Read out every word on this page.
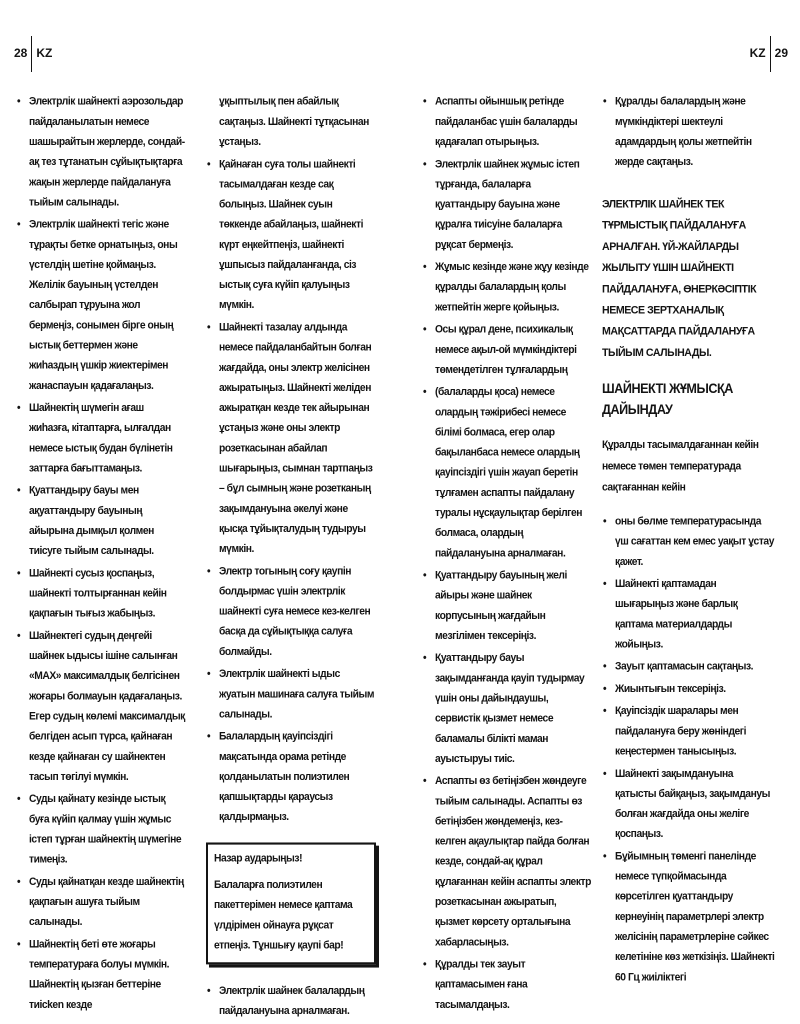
28 KZ	KZ 29
• Электрлік шайнекті аэрозольдар пайдаланылатын немесе шашырайтын жерлерде, сондай-ақ тез тұтанатын сұйықтықтарға жақын жерлерде пайдалануға тыйым салынады.
• Электрлік шайнекті тегіс және тұрақты бетке орнатыңыз, оны үстелдің шетіне қоймаңыз. Желілік бауының үстелден салбырап тұруына жол бермеңіз, сонымен бірге оның ыстық беттермен және жиһаздың үшкір жиектерімен жанаспауын қадағалаңыз.
• Шайнектің шүмегін ағаш жиһазға, кітаптарға, ылғалдан немесе ыстық будан бүлінетін заттарға бағыттамаңыз.
• Қуаттандыру бауы мен ақуаттандыру бауының айырына дымқыл қолмен тиісуге тыйым салынады.
• Шайнекті сусыз қоспаңыз, шайнекті толтырғаннан кейін қақпағын тығыз жабыңыз.
• Шайнектегі судың деңгейі шайнек ыдысы ішіне салынған «МАХ» максималдық белгісінен жоғары болмауын қадағалаңыз. Егер судың көлемі максималдық белгіден асып түрса, қайнаған кезде қайнаған су шайнектен тасып төгілуі мүмкін.
• Суды қайнату кезінде ыстық буға күйіп қалмау үшін жұмыс істеп тұрған шайнектің шүмегіне тимеңіз.
• Суды қайнатқан кезде шайнектің қақпағын ашуға тыйым салынады.
• Шайнектің беті өте жоғары температураға болуы мүмкін. Шайнектің қызған беттеріне тиісken кезде
ұқыптылық пен абайлық сақтаңыз. Шайнекті тұтқасынан ұстаңыз.
• Қайнаған суға толы шайнекті тасымалдаған кезде сақ болыңыз. Шайнек суын төккенде абайлаңыз, шайнекті күрт еңкейтпеңіз, шайнекті ұшпысыз пайдаланғанда, сіз ыстық суға күйіп қалуыңыз мүмкін.
• Шайнекті тазалау алдында немесе пайдаланбайтын болған жағдайда, оны электр желісінен ажыратыңыз. Шайнекті желіден ажыратқан кезде тек айырынан ұстаңыз және оны электр розеткасынан абайлап шығарыңыз, сымнан тартпаңыз – бұл сымның және розетканың зақымдануына әкелуі және қысқа тұйықталудың тудыруы мүмкін.
• Электр тогының соғу қаупін болдырмас үшін электрлік шайнекті суға немесе кез-келген басқа да сұйықтыққа салуға болмайды.
• Электрлік шайнекті ыдыс жуатын машинаға салуға тыйым салынады.
• Балалардың қауіпсіздігі мақсатында орама ретінде қолданылатын полиэтилен қапшықтарды қараусыз қалдырмаңыз.
Назар аударыңыз!
Балаларға полиэтилен пакеттерімен немесе қаптама үлдірімен ойнауға рұқсат етпеңіз. Тұншығу қаупі бар!
• Электрлік шайнек балалардың пайдалануына арналмаған.
• Аспапты ойыншық ретінде пайдаланбас үшін балаларды қадағалап отырыңыз.
• Электрлік шайнек жұмыс істеп тұрғанда, балаларға қуаттандыру бауына және құралға тиісуіне балаларға рұқсат бермеңіз.
• Жұмыс кезінде және жұу кезінде құралды балалардың қолы жетпейтін жерге қойыңыз.
• Осы құрал дене, психикалық немесе ақыл-ой мүмкіндіктері төмендетілген тұлғалардың
• (балаларды қоса) немесе олардың тәжірибесі немесе білімі болмаса, егер олар бақыланбаса немесе олардың қауіпсіздігі үшін жауап беретін тұлғамен аспапты пайдалану туралы нұсқаулықтар берілген болмаса, олардың пайдалануына арналмаған.
• Қуаттандыру бауының желі айыры және шайнек корпусының жағдайын мезгілімен тексеріңіз.
• Қуаттандыру бауы зақымданғанда қауіп тудырмау үшін оны дайындаушы, сервистік қызмет немесе баламалы білікті маман ауыстыруы тиіс.
• Аспапты өз бетіңізбен жөндеуге тыйым салынады. Аспапты өз бетіңізбен жөндемеңіз, кез-келген ақаулықтар пайда болған кезде, сондай-ақ құрал құлағаннан кейін аспапты электр розеткасынан ажыратып, қызмет көрсету орталығына хабарласыңыз.
• Құралды тек зауыт қаптамасымен ғана тасымалдаңыз.
• Құралды балалардың және мүмкіндіктері шектеулі адамдардың қолы жетпейтін жерде сақтаңыз.
ЭЛЕКТРЛІК ШАЙНЕК ТЕК ТҰРМЫСТЫҚ ПАЙДАЛАНУҒА АРНАЛҒАН. ҮЙ-ЖАЙЛАРДЫ ЖЫЛЫТУ ҮШІН ШАЙНЕКТІ ПАЙДАЛАНУҒА, ӨНЕРКӘСІПТІК НЕМЕСЕ ЗЕРТХАНАЛЫҚ МАҚСАТТАРДА ПАЙДАЛАНУҒА ТЫЙЫМ САЛЫНАДЫ.
ШАЙНЕКТІ ЖҰМЫСҚА ДАЙЫНДАУ
Құралды тасымалдағаннан кейін немесе төмен температурада сақтағаннан кейін
• оны бөлме температурасында үш сағаттан кем емес уақыт ұстау қажет.
• Шайнекті қаптамадан шығарыңыз және барлық қаптама материалдарды жойыңыз.
• Зауыт қаптамасын сақтаңыз.
• Жиынтығын тексеріңіз.
• Қауіпсіздік шаралары мен пайдалануға беру жөніндегі кеңестермен танысыңыз.
• Шайнекті зақымдануына қатысты байқаңыз, зақымдануы болған жағдайда оны желіге қоспаңыз.
• Бұйымның төменгі панелінде немесе түпқоймасында көрсетілген қуаттандыру кернеуінің параметрлері электр желісінің параметрлеріне сәйкес келетініне көз жеткізіңіз. Шайнекті 60 Гц жиіліктегі
